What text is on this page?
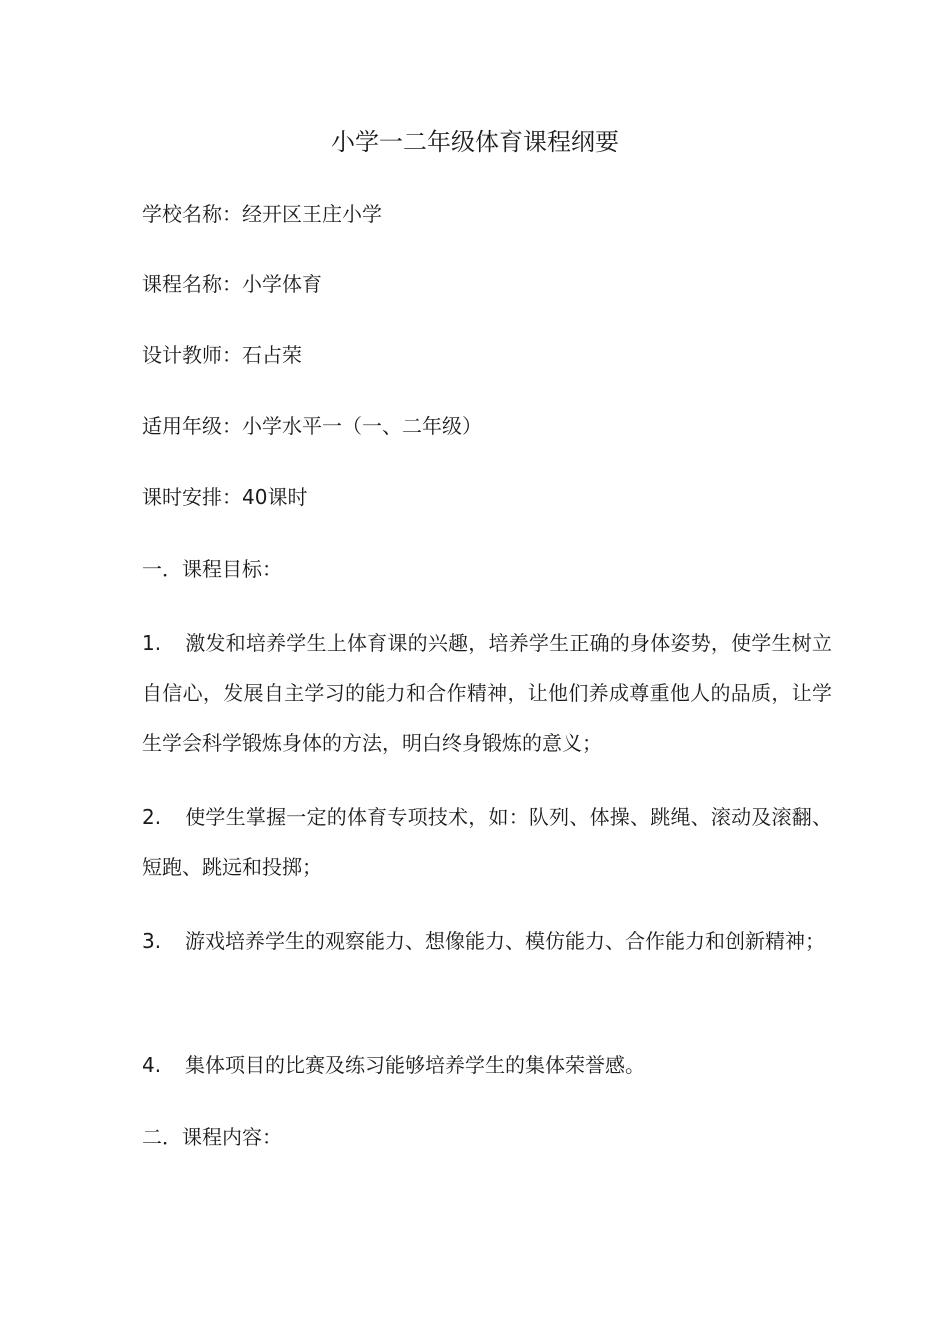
小学一二年级体育课程纲要

学校名称：经开区王庄小学

课程名称：小学体育

设计教师：石占荣

适用年级：小学水平一（一、二年级）

课时安排：40课时

一．课程目标：

1. 激发和培养学生上体育课的兴趣，培养学生正确的身体姿势，使学生树立自信心，发展自主学习的能力和合作精神，让他们养成尊重他人的品质，让学生学会科学锻炼身体的方法，明白终身锻炼的意义；

2. 使学生掌握一定的体育专项技术，如：队列、体操、跳绳、滚动及滚翻、短跑、跳远和投掷；

3. 游戏培养学生的观察能力、想像能力、模仿能力、合作能力和创新精神；

4. 集体项目的比赛及练习能够培养学生的集体荣誉感。

二．课程内容：
